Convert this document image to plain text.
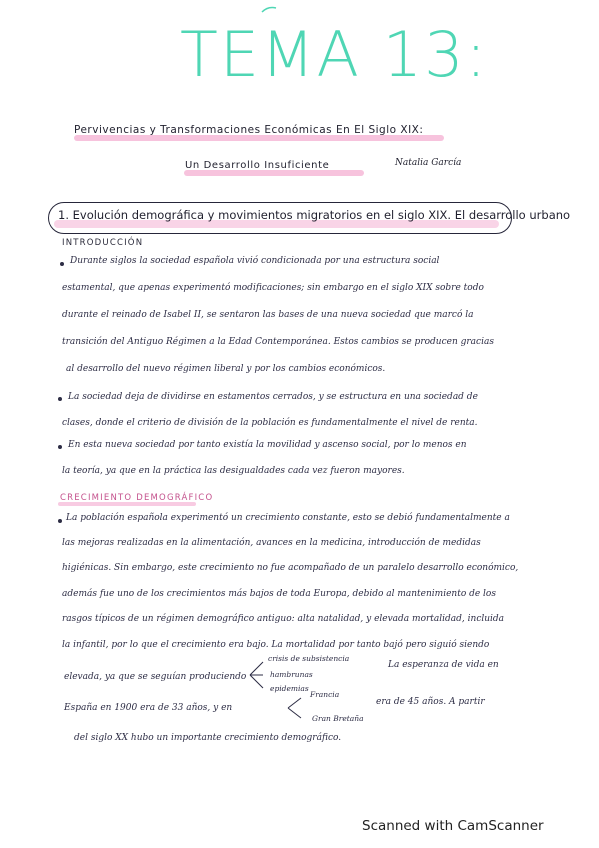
TEMA 13:
Pervivencias y Transformaciones Económicas En El Siglo XIX:
Un Desarrollo Insuficiente	Natalia García
1. Evolución demográfica y movimientos migratorios en el siglo XIX. El desarrollo urbano
INTRODUCCIÓN
Durante siglos la sociedad española vivió condicionada por una estructura social
estamental, que apenas experimentó modificaciones; sin embargo en el siglo XIX sobre todo
durante el reinado de Isabel II, se sentaron las bases de una nueva sociedad que marcó la
transición del Antiguo Régimen a la Edad Contemporánea. Estos cambios se producen gracias
al desarrollo del nuevo régimen liberal y por los cambios económicos.
La sociedad deja de dividirse en estamentos cerrados, y se estructura en una sociedad de
clases, donde el criterio de división de la población es fundamentalmente el nivel de renta.
En esta nueva sociedad por tanto existía la movilidad y ascenso social, por lo menos en
la teoría, ya que en la práctica las desigualdades cada vez fueron mayores.
CRECIMIENTO DEMOGRÁFICO
La población española experimentó un crecimiento constante, esto se debió fundamentalmente a
las mejoras realizadas en la alimentación, avances en la medicina, introducción de medidas
higiénicas. Sin embargo, este crecimiento no fue acompañado de un paralelo desarrollo económico,
además fue uno de los crecimientos más bajos de toda Europa, debido al mantenimiento de los
rasgos típicos de un régimen demográfico antiguo: alta natalidad, y elevada mortalidad, incluida
la infantil, por lo que el crecimiento era bajo. La mortalidad por tanto bajó pero siguió siendo
elevada, ya que se seguían produciendo
crisis de subsistencia
hambrunas
epidemias
La esperanza de vida en
España en 1900 era de 33 años, y en
Francia
Gran Bretaña
era de 45 años. A partir
del siglo XX hubo un importante crecimiento demográfico.
Scanned with CamScanner
